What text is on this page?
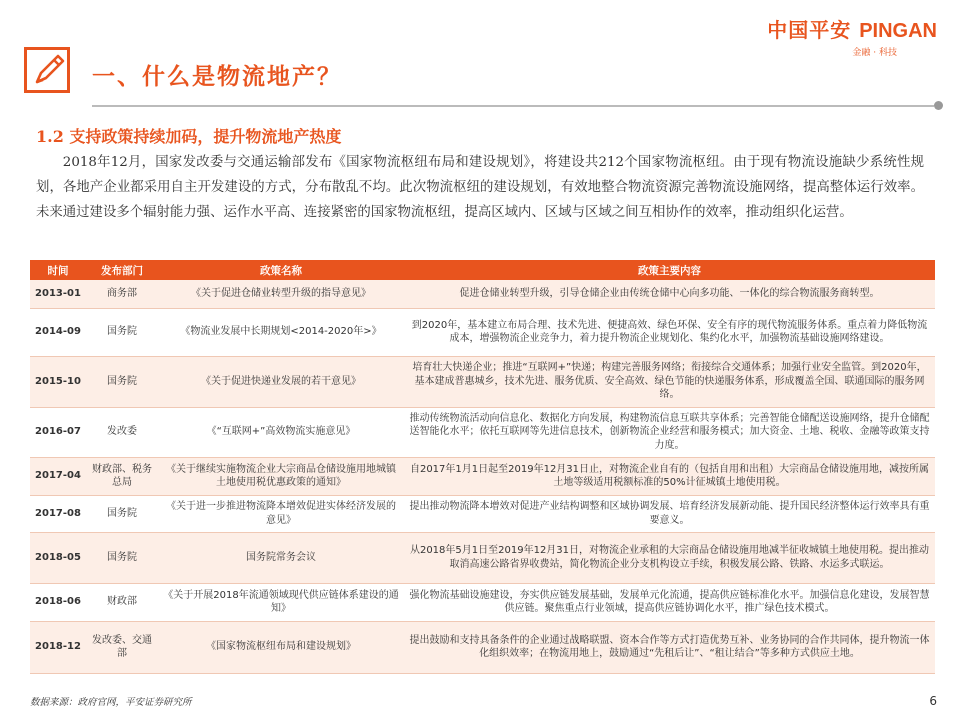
中国平安 PINGAN
金融 · 科技
一、什么是物流地产？
1.2 支持政策持续加码，提升物流地产热度
2018年12月，国家发改委与交通运输部发布《国家物流枢纽布局和建设规划》，将建设共212个国家物流枢纽。由于现有物流设施缺少系统性规划，各地产企业都采用自主开发建设的方式，分布散乱不均。此次物流枢纽的建设规划，有效地整合物流资源完善物流设施网络，提高整体运行效率。未来通过建设多个辐射能力强、运作水平高、连接紧密的国家物流枢纽，提高区域内、区域与区域之间互相协作的效率，推动组织化运营。
时间	发布部门	政策名称	政策主要内容
2013-01	商务部	《关于促进仓储业转型升级的指导意见》	促进仓储业转型升级，引导仓储企业由传统仓储中心向多功能、一体化的综合物流服务商转型。
2014-09	国务院	《物流业发展中长期规划<2014-2020年>》	到2020年，基本建立布局合理、技术先进、便捷高效、绿色环保、安全有序的现代物流服务体系。重点着力降低物流成本，增强物流企业竞争力，着力提升物流企业规划化、集约化水平，加强物流基础设施网络建设。
2015-10	国务院	《关于促进快递业发展的若干意见》	培育壮大快递企业；推进“互联网+”快递；构建完善服务网络；衔接综合交通体系；加强行业安全监管。到2020年，基本建成普惠城乡，技术先进、服务优质、安全高效、绿色节能的快递服务体系，形成覆盖全国、联通国际的服务网络。
2016-07	发改委	《“互联网+”高效物流实施意见》	推动传统物流活动向信息化、数据化方向发展，构建物流信息互联共享体系；完善智能仓储配送设施网络，提升仓储配送智能化水平；依托互联网等先进信息技术，创新物流企业经营和服务模式；加大资金、土地、税收、金融等政策支持力度。
2017-04	财政部、税务总局	《关于继续实施物流企业大宗商品仓储设施用地城镇土地使用税优惠政策的通知》	自2017年1月1日起至2019年12月31日止，对物流企业自有的（包括自用和出租）大宗商品仓储设施用地，减按所属土地等级适用税额标准的50%计征城镇土地使用税。
2017-08	国务院	《关于进一步推进物流降本增效促进实体经济发展的意见》	提出推动物流降本增效对促进产业结构调整和区域协调发展、培育经济发展新动能、提升国民经济整体运行效率具有重要意义。
2018-05	国务院	国务院常务会议	从2018年5月1日至2019年12月31日，对物流企业承租的大宗商品仓储设施用地减半征收城镇土地使用税。提出推动取消高速公路省界收费站，简化物流企业分支机构设立手续，积极发展公路、铁路、水运多式联运。
2018-06	财政部	《关于开展2018年流通领域现代供应链体系建设的通知》	强化物流基础设施建设，夯实供应链发展基础，发展单元化流通，提高供应链标准化水平。加强信息化建设，发展智慧供应链。聚焦重点行业领域，提高供应链协调化水平，推广绿色技术模式。
2018-12	发改委、交通部	《国家物流枢纽布局和建设规划》	提出鼓励和支持具备条件的企业通过战略联盟、资本合作等方式打造优势互补、业务协同的合作共同体，提升物流一体化组织效率；在物流用地上，鼓励通过“先租后让”、“租让结合”等多种方式供应土地。
数据来源：政府官网，平安证券研究所	6
